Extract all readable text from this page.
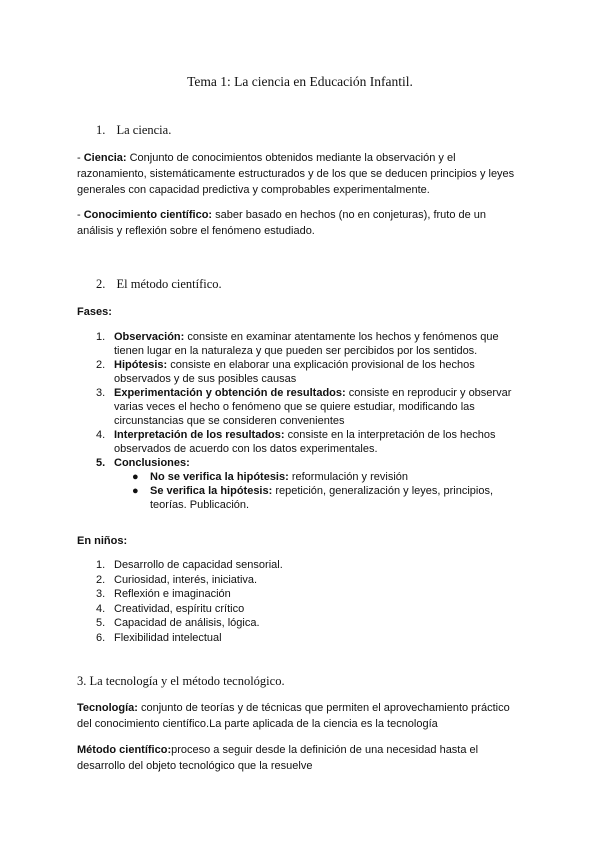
Tema 1: La ciencia en Educación Infantil.
1. La ciencia.
- Ciencia: Conjunto de conocimientos obtenidos mediante la observación y el razonamiento, sistemáticamente estructurados y de los que se deducen principios y leyes generales con capacidad predictiva y comprobables experimentalmente.
- Conocimiento científico: saber basado en hechos (no en conjeturas), fruto de un análisis y reflexión sobre el fenómeno estudiado.
2. El método científico.
Fases:
1. Observación: consiste en examinar atentamente los hechos y fenómenos que tienen lugar en la naturaleza y que pueden ser percibidos por los sentidos.
2. Hipótesis: consiste en elaborar una explicación provisional de los hechos observados y de sus posibles causas
3. Experimentación y obtención de resultados: consiste en reproducir y observar varias veces el hecho o fenómeno que se quiere estudiar, modificando las circunstancias que se consideren convenientes
4. Interpretación de los resultados: consiste en la interpretación de los hechos observados de acuerdo con los datos experimentales.
5. Conclusiones:
● No se verifica la hipótesis: reformulación y revisión
● Se verifica la hipótesis: repetición, generalización y leyes, principios, teorías. Publicación.
En niños:
1. Desarrollo de capacidad sensorial.
2. Curiosidad, interés, iniciativa.
3. Reflexión e imaginación
4. Creatividad, espíritu crítico
5. Capacidad de análisis, lógica.
6. Flexibilidad intelectual
3. La tecnología y el método tecnológico.
Tecnología: conjunto de teorías y de técnicas que permiten el aprovechamiento práctico del conocimiento científico.La parte aplicada de la ciencia es la tecnología
Método científico:proceso a seguir desde la definición de una necesidad hasta el desarrollo del objeto tecnológico que la resuelve
